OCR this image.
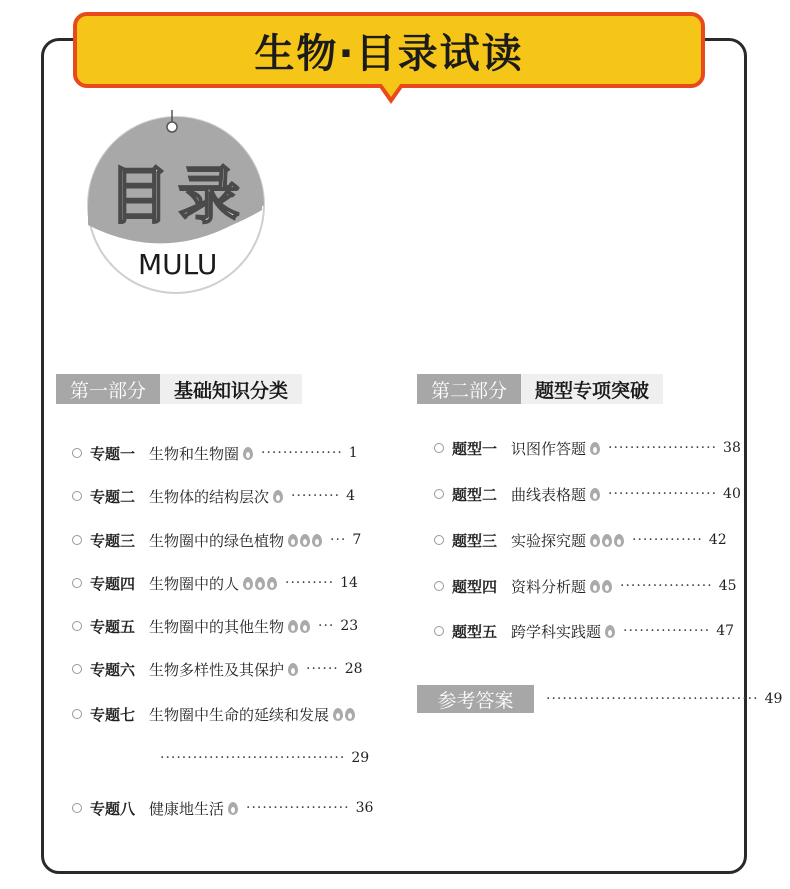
生物·目录试读
目录
MULU
第一部分	基础知识分类	第二部分	题型专项突破
专题一 生物和生物圈 ··············· 1
专题二 生物体的结构层次 ········· 4
专题三 生物圈中的绿色植物	··· 7
专题四 生物圈中的人	········· 14
专题五 生物圈中的其他生物 ··· 23
专题六 生物多样性及其保护 ······ 28
专题七 生物圈中生命的延续和发展
·································· 29
专题八 健康地生活 ··················· 36
题型一 识图作答题 ···················· 38
题型二 曲线表格题 ···················· 40
题型三 实验探究题	············· 42
题型四 资料分析题 ················· 45
题型五 跨学科实践题 ················ 47
参考答案	······································· 49
